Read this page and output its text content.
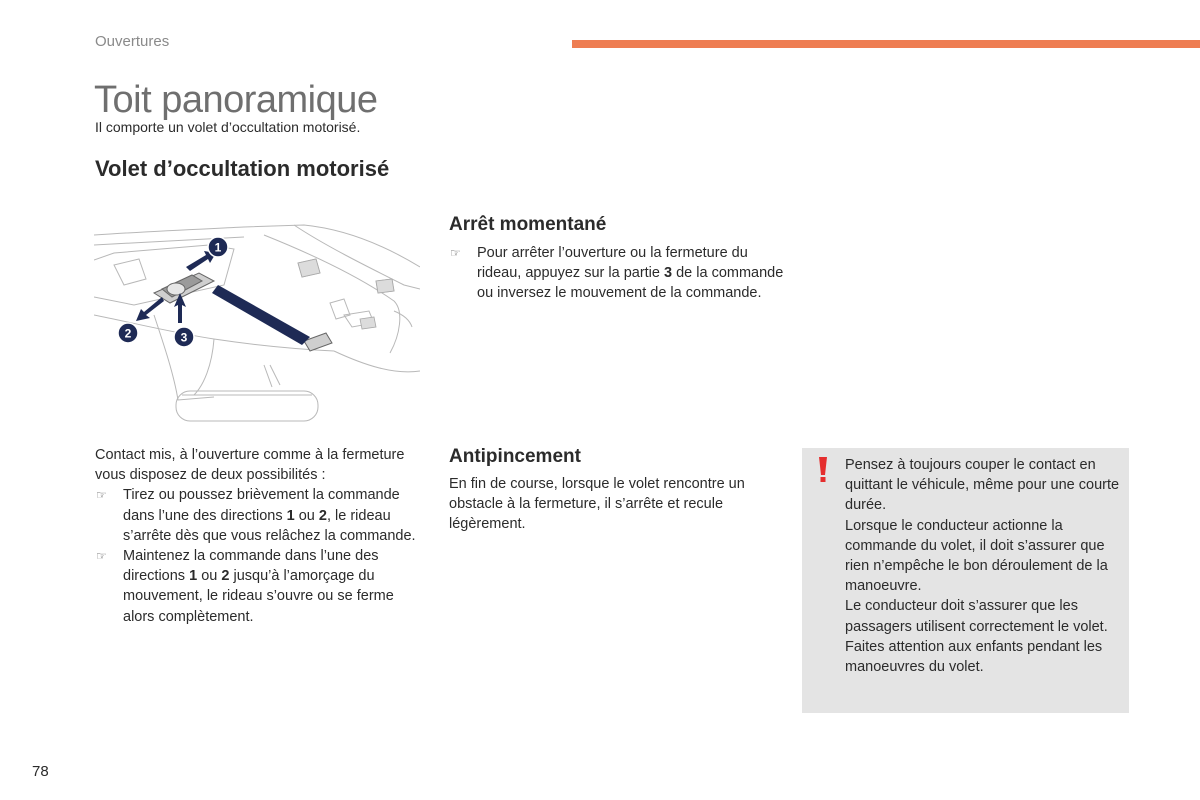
Ouvertures
Toit panoramique
Il comporte un volet d’occultation motorisé.
Volet d’occultation motorisé
1
2	3
Contact mis, à l’ouverture comme à la fermeture vous disposez de deux possibilités :
☞ Tirez ou poussez brièvement la commande dans l’une des directions 1 ou 2, le rideau s’arrête dès que vous relâchez la commande.
☞ Maintenez la commande dans l’une des directions 1 ou 2 jusqu’à l’amorçage du mouvement, le rideau s’ouvre ou se ferme alors complètement.
Arrêt momentané
☞ Pour arrêter l’ouverture ou la fermeture du rideau, appuyez sur la partie 3 de la commande ou inversez le mouvement de la commande.
Antipincement
En fin de course, lorsque le volet rencontre un obstacle à la fermeture, il s’arrête et recule légèrement.
Pensez à toujours couper le contact en quittant le véhicule, même pour une courte durée.
Lorsque le conducteur actionne la commande du volet, il doit s’assurer que rien n’empêche le bon déroulement de la manoeuvre.
Le conducteur doit s’assurer que les passagers utilisent correctement le volet.
Faites attention aux enfants pendant les manoeuvres du volet.
78
